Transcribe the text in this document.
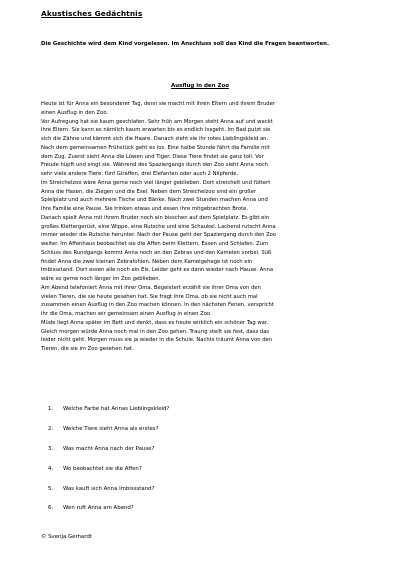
Akustisches Gedächtnis
Die Geschichte wird dem Kind vorgelesen. Im Anschluss soll das Kind die Fragen beantworten.
Ausflug in den Zoo
Heute ist für Anna ein besonderer Tag, denn sie macht mit ihren Eltern und ihrem Bruder
einen Ausflug in den Zoo.
Vor Aufregung hat sie kaum geschlafen. Sehr früh am Morgen steht Anna auf und weckt
ihre Eltern. Sie kann es nämlich kaum erwarten bis es endlich losgeht. Im Bad putzt sie
sich die Zähne und kämmt sich die Haare. Danach zieht sie ihr rotes Lieblingskleid an.
Nach dem gemeinsamen Frühstück geht es los. Eine halbe Stunde fährt die Familie mit
dem Zug. Zuerst sieht Anna die Löwen und Tiger. Diese Tiere findet sie ganz toll. Vor
Freude hüpft und singt sie. Während des Spaziergangs durch den Zoo sieht Anna noch
sehr viele andere Tiere: fünf Giraffen, drei Elefanten oder auch 2 Nilpferde.
Im Streichelzoo wäre Anna gerne noch viel länger geblieben. Dort streichelt und füttert
Anna die Hasen, die Ziegen und die Esel. Neben dem Streichelzoo sind ein großer
Spielplatz und auch mehrere Tische und Bänke. Nach zwei Stunden machen Anna und
ihre Familie eine Pause. Sie trinken etwas und essen ihre mitgebrachten Brote.
Danach spielt Anna mit ihrem Bruder noch ein bisschen auf dem Spielplatz. Es gibt ein
großes Klettergerüst, eine Wippe, eine Rutsche und eine Schaukel. Lachend rutscht Anna
immer wieder die Rutsche herunter. Nach der Pause geht der Spaziergang durch den Zoo
weiter. Im Affenhaus beobachtet sie die Affen beim Klettern, Essen und Schlafen. Zum
Schluss des Rundgangs kommt Anna noch an den Zebras und den Kamelen vorbei. Süß
findet Anna die zwei kleinen Zebrafohlen. Neben dem Kamelgehege ist noch ein
Imbissstand. Dort essen alle noch ein Eis. Leider geht es dann wieder nach Hause. Anna
wäre so gerne noch länger im Zoo geblieben.
Am Abend telefoniert Anna mit ihrer Oma. Begeistert erzählt sie ihrer Oma von den
vielen Tieren, die sie heute gesehen hat. Sie fragt ihre Oma, ob sie nicht auch mal
zusammen einen Ausflug in den Zoo machen können. In den nächsten Ferien, verspricht
ihr die Oma, machen wir gemeinsam einen Ausflug in einen Zoo.
Müde liegt Anna später im Bett und denkt, dass es heute wirklich ein schöner Tag war.
Gleich morgen würde Anna noch mal in den Zoo gehen. Traurig stellt sie fest, dass das
leider nicht geht. Morgen muss sie ja wieder in die Schule. Nachts träumt Anna von den
Tieren, die sie im Zoo gesehen hat.
1.	Welche Farbe hat Annas Lieblingskleid?
2.	Welche Tiere sieht Anna als erstes?
3.	Was macht Anna nach der Pause?
4.	Wo beobachtet sie die Affen?
5.	Was kauft sich Anna Imbissstand?
6.	Wen ruft Anna am Abend?
© Svenja Gerhardt
